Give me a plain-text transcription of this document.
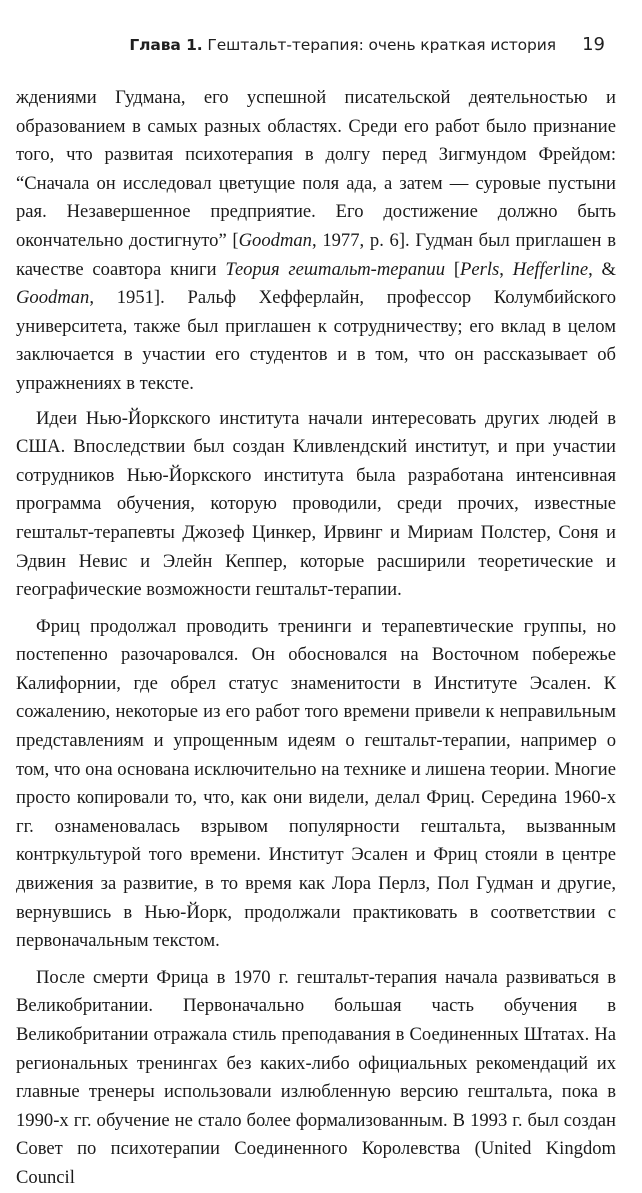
Глава 1. Гештальт-терапия: очень краткая история 19

ждениями Гудмана, его успешной писательской деятельностью и образованием в самых разных областях. Среди его работ было признание того, что развитая психотерапия в долгу перед Зигмундом Фрейдом: “Сначала он исследовал цветущие поля ада, а затем — суровые пустыни рая. Незавершенное предприятие. Его достижение должно быть окончательно достигнуто” [Goodman, 1977, p. 6]. Гудман был приглашен в качестве соавтора книги Теория гештальт-терапии [Perls, Hefferline, & Goodman, 1951]. Ральф Хефферлайн, профессор Колумбийского университета, также был приглашен к сотрудничеству; его вклад в целом заключается в участии его студентов и в том, что он рассказывает об упражнениях в тексте.

Идеи Нью-Йоркского института начали интересовать других людей в США. Впоследствии был создан Кливлендский институт, и при участии сотрудников Нью-Йоркского института была разработана интенсивная программа обучения, которую проводили, среди прочих, известные гештальт-терапевты Джозеф Цинкер, Ирвинг и Мириам Полстер, Соня и Эдвин Невис и Элейн Кеппер, которые расширили теоретические и географические возможности гештальт-терапии.

Фриц продолжал проводить тренинги и терапевтические группы, но постепенно разочаровался. Он обосновался на Восточном побережье Калифорнии, где обрел статус знаменитости в Институте Эсален. К сожалению, некоторые из его работ того времени привели к неправильным представлениям и упрощенным идеям о гештальт-терапии, например о том, что она основана исключительно на технике и лишена теории. Многие просто копировали то, что, как они видели, делал Фриц. Середина 1960-х гг. ознаменовалась взрывом популярности гештальта, вызванным контркультурой того времени. Институт Эсален и Фриц стояли в центре движения за развитие, в то время как Лора Перлз, Пол Гудман и другие, вернувшись в Нью-Йорк, продолжали практиковать в соответствии с первоначальным текстом.

После смерти Фрица в 1970 г. гештальт-терапия начала развиваться в Великобритании. Первоначально большая часть обучения в Великобритании отражала стиль преподавания в Соединенных Штатах. На региональных тренингах без каких-либо официальных рекомендаций их главные тренеры использовали излюбленную версию гештальта, пока в 1990-х гг. обучение не стало более формализованным. В 1993 г. был создан Совет по психотерапии Соединенного Королевства (United Kingdom Council
